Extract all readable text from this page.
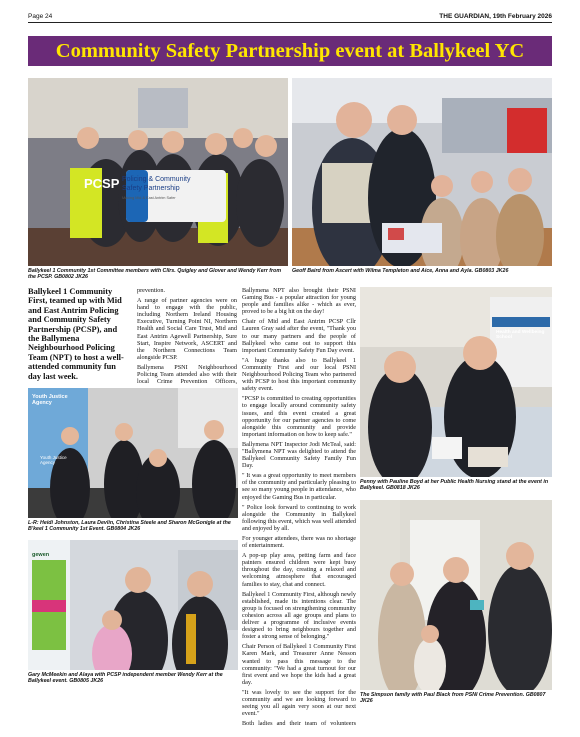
Page 24	THE GUARDIAN, 19th February 2026
Community Safety Partnership event at Ballykeel YC
PCSP Policing & Community
Safety Partnership
Making Mid & East Antrim Safer
Ballykeel 1 Community 1st Committee members with Cllrs. Quigley and Glover and Wendy Kerr from the PCSP. GB0802 JK26
Geoff Baird from Ascert with Wilma Templeton and Aice, Anna and Ayla. GB0803 JK26

Ballykeel 1 Community First, teamed up with Mid and East Antrim Policing and Community Safety Partnership (PCSP), and the Ballymena Neighbourhood Policing Team (NPT) to host a well-attended community fun day last week.

prevention.

A range of partner agencies were on hand to engage with the public, including Northern Ireland Housing Executive, Turning Point NI, Northern Health and Social Care Trust, Mid and East Antrim Agewell Partnership, Sure Start, Inspire Network, ASCERT and the Northern Connections Team alongside PCSP.

Ballymena PSNI Neighbourhood Policing Team attended also with their local Crime Prevention Officers,

Youth Justice Agency
L-R: Heidi Johnston, Laura Devlin, Christina Steele and Sharon McGonigle at the B'keel 1 Community 1st Event. GB0804 JK26
gewen
Gary McMeekin and Alaya with PCSP independent member Wendy Kerr at the Ballykeel event. GB0805 JK26
Youth Justice Agency

Ballymena NPT also brought their PSNI Gaming Bus - a popular attraction for young people and families alike - which as ever, proved to be a big hit on the day!

Chair of Mid and East Antrim PCSP Cllr Lauren Gray said after the event, "Thank you to our many partners and the people of Ballykeel who came out to support this important Community Safety Fun Day event.

"A huge thanks also to Ballykeel 1 Community First and our local PSNI Neighbourhood Policing Team who partnered with PCSP to host this important community safety event.

"PCSP is committed to creating opportunities to engage locally around community safety issues, and this event created a great opportunity for our partner agencies to come alongside this community and provide important information on how to keep safe."

Ballymena NPT Inspector Jodi McTeal, said: "Ballymena NPT was delighted to attend the Ballykeel Community Safety Family Fun Day.

" It was a great opportunity to meet members of the community and particularly pleasing to see so many young people in attendance, who enjoyed the Gaming Bus in particular.

" Police look forward to continuing to work alongside the Community in Ballykeel following this event, which was well attended and enjoyed by all.

For younger attendees, there was no shortage of entertainment.

A pop-up play area, petting farm and face painters ensured children were kept busy throughout the day, creating a relaxed and welcoming atmosphere that encouraged families to stay, chat and connect.

Ballykeel 1 Community First, although newly established, made its intentions clear. The group is focused on strengthening community cohesion across all age groups and plans to deliver a programme of inclusive events designed to bring neighbours together and foster a strong sense of belonging."

Chair Person of Ballykeel 1 Community First Karen Mark, and Treasurer Anne Nesson wanted to pass this message to the community: "We had a great turnout for our first event and we hope the kids had a great day.

"It was lovely to see the support for the community and we are looking forward to seeing you all again very soon at our next event."

Both ladies and their team of volunteers

Health and Wellbeing School
Penny with Pauline Boyd at her Public Health Nursing stand at the event in Ballykeel. GB0818 JK26
The Simpson family with Paul Black from PSNI Crime Prevention. GB0807 JK26
